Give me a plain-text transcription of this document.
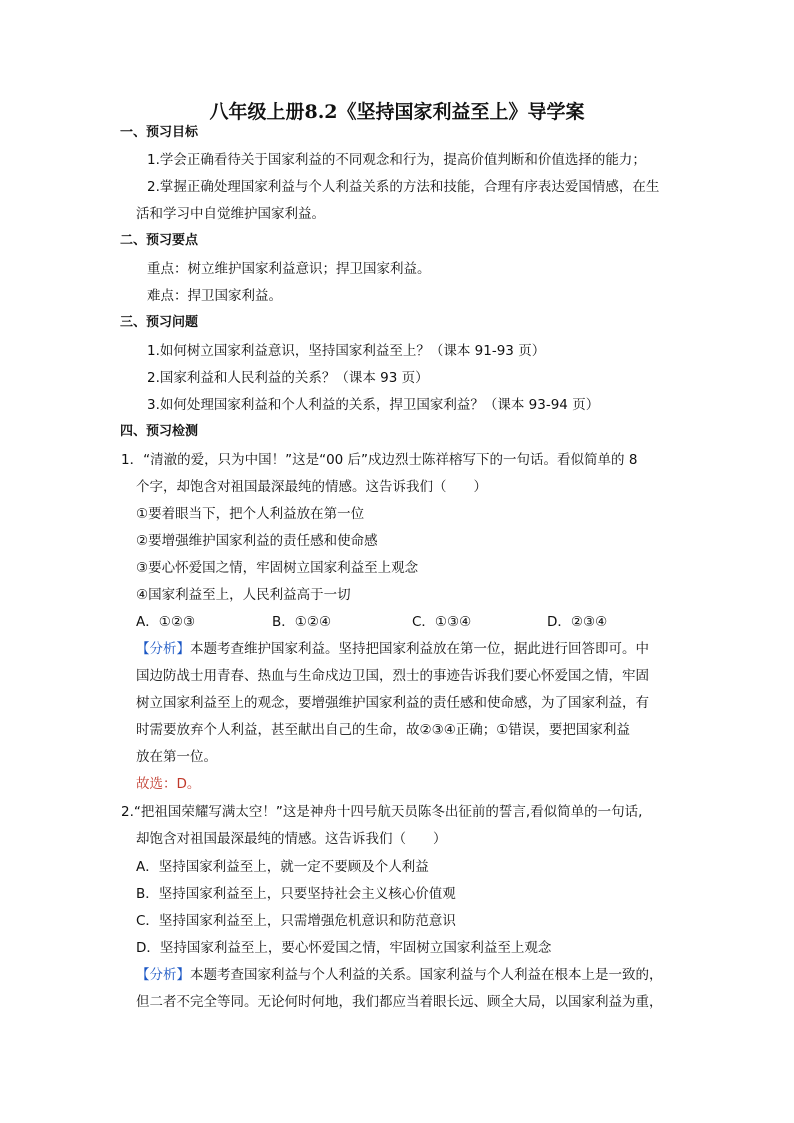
八年级上册8.2《坚持国家利益至上》导学案
一、预习目标
1.学会正确看待关于国家利益的不同观念和行为，提高价值判断和价值选择的能力；
2.掌握正确处理国家利益与个人利益关系的方法和技能，合理有序表达爱国情感，在生
活和学习中自觉维护国家利益。
二、预习要点
重点：树立维护国家利益意识；捍卫国家利益。
难点：捍卫国家利益。
三、预习问题
1.如何树立国家利益意识，坚持国家利益至上？（课本 91-93 页）
2.国家利益和人民利益的关系？（课本 93 页）
3.如何处理国家利益和个人利益的关系，捍卫国家利益？（课本 93-94 页）
四、预习检测
1．“清澈的爱，只为中国！”这是“00 后”戍边烈士陈祥榕写下的一句话。看似简单的 8
个字，却饱含对祖国最深最纯的情感。这告诉我们（　　）
①要着眼当下，把个人利益放在第一位
②要增强维护国家利益的责任感和使命感
③要心怀爱国之情，牢固树立国家利益至上观念
④国家利益至上，人民利益高于一切
A．①②③	B．①②④	C．①③④	D．②③④
【分析】本题考查维护国家利益。坚持把国家利益放在第一位，据此进行回答即可。中
国边防战士用青春、热血与生命戍边卫国，烈士的事迹告诉我们要心怀爱国之情，牢固
树立国家利益至上的观念，要增强维护国家利益的责任感和使命感，为了国家利益，有
时需要放弃个人利益，甚至献出自己的生命，故②③④正确；①错误，要把国家利益
放在第一位。
故选：D。
2.“把祖国荣耀写满太空！”这是神舟十四号航天员陈冬出征前的誓言,看似简单的一句话,
却饱含对祖国最深最纯的情感。这告诉我们（　　）
A．坚持国家利益至上，就一定不要顾及个人利益
B．坚持国家利益至上，只要坚持社会主义核心价值观
C．坚持国家利益至上，只需增强危机意识和防范意识
D．坚持国家利益至上，要心怀爱国之情，牢固树立国家利益至上观念
【分析】本题考查国家利益与个人利益的关系。国家利益与个人利益在根本上是一致的，
但二者不完全等同。无论何时何地，我们都应当着眼长远、顾全大局，以国家利益为重，
